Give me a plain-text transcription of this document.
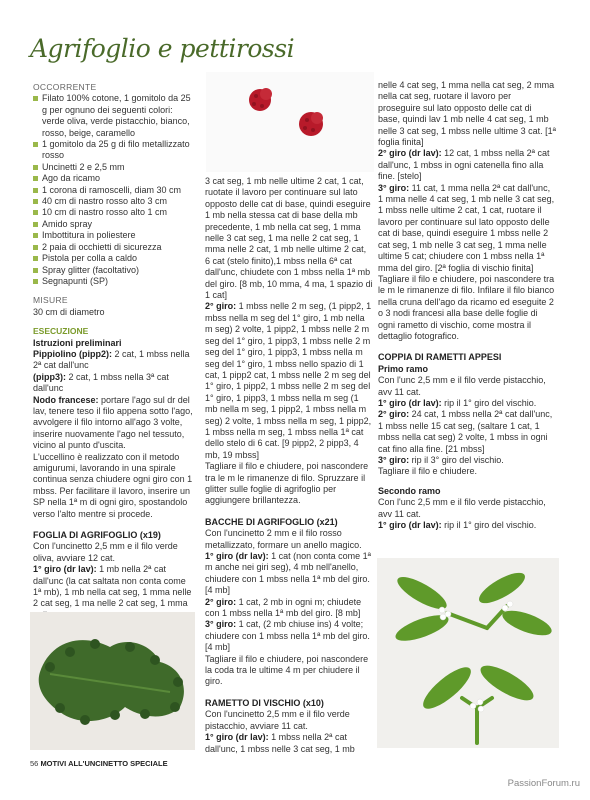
Agrifoglio e pettirossi

OCCORRENTE

Filato 100% cotone, 1 gomitolo da 25 g per ognuno dei seguenti colori: verde oliva, verde pistacchio, bianco, rosso, beige, caramello
1 gomitolo da 25 g di filo metallizzato rosso
Uncinetti 2 e 2,5 mm
Ago da ricamo
1 corona di ramoscelli, diam 30 cm
40 cm di nastro rosso alto 3 cm
10 cm di nastro rosso alto 1 cm
Amido spray
Imbottitura in poliestere
2 paia di occhietti di sicurezza
Pistola per colla a caldo
Spray glitter (facoltativo)
Segnapunti (SP)

MISURE

30 cm di diametro

ESECUZIONE

Istruzioni preliminari

Pippiolino (pipp2): 2 cat, 1 mbss nella 2ª cat dall'unc

(pipp3): 2 cat, 1 mbss nella 3ª cat dall'unc

Nodo francese: portare l'ago sul dr del lav, tenere teso il filo appena sotto l'ago, avvolgere il filo intorno all'ago 3 volte, inserire nuovamente l'ago nel tessuto, vicino al punto d'uscita.

L'uccellino è realizzato con il metodo amigurumi, lavorando in una spirale continua senza chiudere ogni giro con 1 mbss. Per facilitare il lavoro, inserire un SP nella 1ª m di ogni giro, spostandolo verso l'alto mentre si procede.

FOGLIA DI AGRIFOGLIO (x19)

Con l'uncinetto 2,5 mm e il filo verde oliva, avviare 12 cat.

1° giro (dr lav): 1 mb nella 2ª cat dall'unc (la cat saltata non conta come 1ª mb), 1 mb nella cat seg, 1 mma nelle 2 cat seg, 1 ma nelle 2 cat seg, 1 mma

3 cat seg, 1 mb nelle ultime 2 cat, 1 cat, ruotate il lavoro per continuare sul lato opposto delle cat di base, quindi eseguire 1 mb nella stessa cat di base della mb precedente, 1 mb nella cat seg, 1 mma nelle 3 cat seg, 1 ma nelle 2 cat seg, 1 mma nelle 2 cat, 1 mb nelle ultime 2 cat, 6 cat (stelo finito),1 mbss nella 6ª cat dall'unc, chiudete con 1 mbss nella 1ª mb del giro. [8 mb, 10 mma, 4 ma, 1 spazio di 1 cat]

2° giro: 1 mbss nelle 2 m seg, (1 pipp2, 1 mbss nella m seg del 1° giro, 1 mb nella m seg) 2 volte, 1 pipp2, 1 mbss nelle 2 m seg del 1° giro, 1 pipp3, 1 mbss nelle 2 m seg del 1° giro, 1 pipp3, 1 mbss nella m seg del 1° giro, 1 mbss nello spazio di 1 cat, 1 pipp2 cat, 1 mbss nelle 2 m seg del 1° giro, 1 pipp2, 1 mbss nelle 2 m seg del 1° giro, 1 pipp3, 1 mbss nella m seg (1 mb nella m seg, 1 pipp2, 1 mbss nella m seg) 2 volte, 1 mbss nella m seg, 1 pipp2, 1 mbss nella m seg, 1 mbss nella 1ª cat dello stelo di 6 cat. [9 pipp2, 2 pipp3, 4 mb, 19 mbss]

Tagliare il filo e chiudere, poi nascondere tra le m le rimanenze di filo. Spruzzare il glitter sulle foglie di agrifoglio per aggiungere brillantezza.

BACCHE DI AGRIFOGLIO (x21)

Con l'uncinetto 2 mm e il filo rosso metallizzato, formare un anello magico.

1° giro (dr lav): 1 cat (non conta come 1ª m anche nei giri seg), 4 mb nell'anello, chiudere con 1 mbss nella 1ª mb del giro. [4 mb]

2° giro: 1 cat, 2 mb in ogni m; chiudete con 1 mbss nella 1ª mb del giro. [8 mb]

3° giro: 1 cat, (2 mb chiuse ins) 4 volte; chiudere con 1 mbss nella 1ª mb del giro. [4 mb]

Tagliare il filo e chiudere, poi nascondere la coda tra le ultime 4 m per chiudere il giro.

RAMETTO DI VISCHIO (x10)

Con l'uncinetto 2,5 mm e il filo verde pistacchio, avviare 11 cat.

1° giro (dr lav): 1 mbss nella 2ª cat dall'unc, 1 mbss nelle 3 cat seg, 1 mb

nelle 4 cat seg, 1 mma nella cat seg, 2 mma nella cat seg, ruotare il lavoro per proseguire sul lato opposto delle cat di base, quindi lav 1 mb nelle 4 cat seg, 1 mb nelle 3 cat seg, 1 mbss nelle ultime 3 cat. [1ª foglia finita]

2° giro (dr lav): 12 cat, 1 mbss nella 2ª cat dall'unc, 1 mbss in ogni catenella fino alla fine. [stelo]

3° giro: 11 cat, 1 mma nella 2ª cat dall'unc, 1 mma nelle 4 cat seg, 1 mb nelle 3 cat seg, 1 mbss nelle ultime 2 cat, 1 cat, ruotare il lavoro per continuare sul lato opposto delle cat di base, quindi eseguire 1 mbss nelle 2 cat seg, 1 mb nelle 3 cat seg, 1 mma nelle ultime 5 cat; chiudere con 1 mbss nella 1ª mma del giro. [2ª foglia di vischio finita]

Tagliare il filo e chiudere, poi nascondere tra le m le rimanenze di filo. Infilare il filo bianco nella cruna dell'ago da ricamo ed eseguite 2 o 3 nodi francesi alla base delle foglie di ogni rametto di vischio, come mostra il dettaglio fotografico.

COPPIA DI RAMETTI APPESI

Primo ramo

Con l'unc 2,5 mm e il filo verde pistacchio, avv 11 cat.

1° giro (dr lav): rip il 1° giro del vischio.

2° giro: 24 cat, 1 mbss nella 2ª cat dall'unc, 1 mbss nelle 15 cat seg, (saltare 1 cat, 1 mbss nella cat seg) 2 volte, 1 mbss in ogni cat fino alla fine. [21 mbss]

3° giro: rip il 3° giro del vischio.

Tagliare il filo e chiudere.

Secondo ramo

Con l'unc 2,5 mm e il filo verde pistacchio, avv 11 cat.

1° giro (dr lav): rip il 1° giro del vischio.

56 MOTIVI ALL'UNCINETTO SPECIALE
PassionForum.ru
